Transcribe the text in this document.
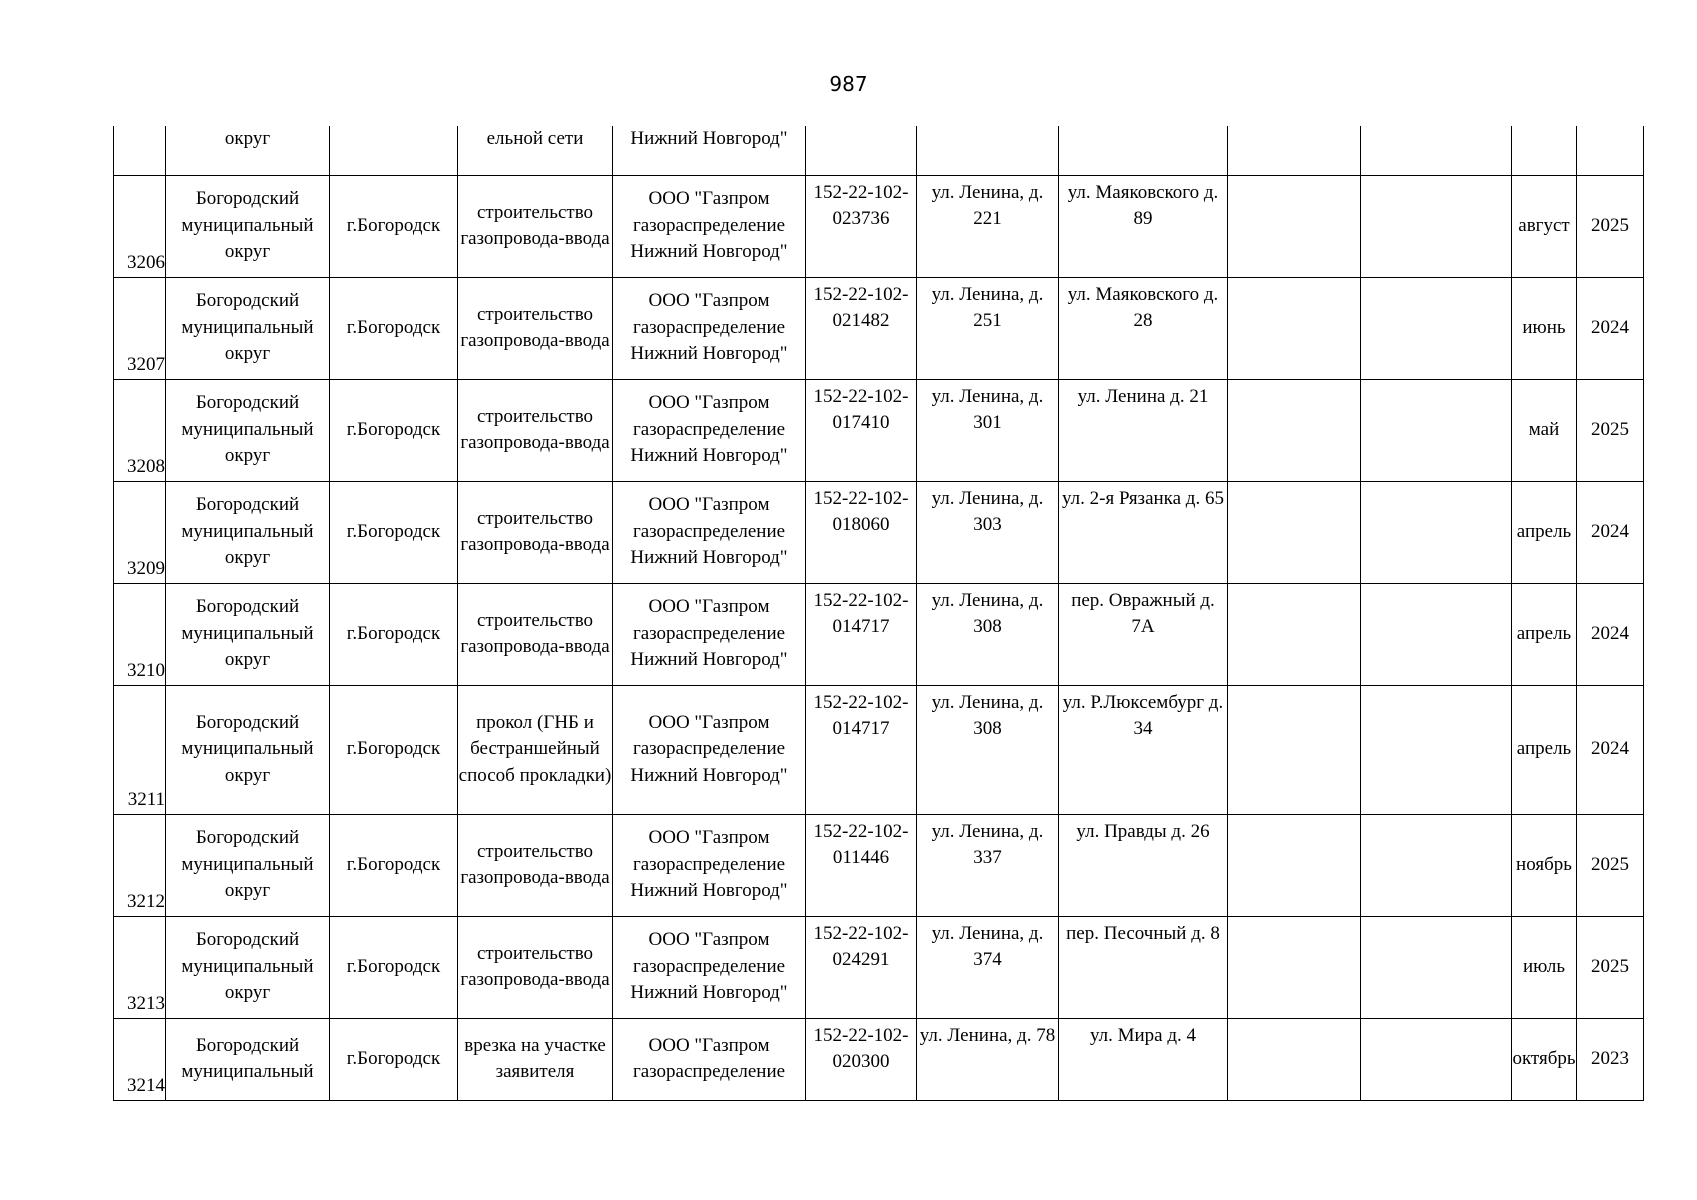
987
	округ		ельной сети	Нижний Новгород"							
3206	Богородский муниципальный округ	г.Богородск	строительство газопровода-ввода	ООО "Газпром газораспределение Нижний Новгород"	152-22-102-023736	ул. Ленина, д. 221	ул. Маяковского д. 89			август	2025
3207	Богородский муниципальный округ	г.Богородск	строительство газопровода-ввода	ООО "Газпром газораспределение Нижний Новгород"	152-22-102-021482	ул. Ленина, д. 251	ул. Маяковского д. 28			июнь	2024
3208	Богородский муниципальный округ	г.Богородск	строительство газопровода-ввода	ООО "Газпром газораспределение Нижний Новгород"	152-22-102-017410	ул. Ленина, д. 301	ул. Ленина д. 21			май	2025
3209	Богородский муниципальный округ	г.Богородск	строительство газопровода-ввода	ООО "Газпром газораспределение Нижний Новгород"	152-22-102-018060	ул. Ленина, д. 303	ул. 2-я Рязанка д. 65			апрель	2024
3210	Богородский муниципальный округ	г.Богородск	строительство газопровода-ввода	ООО "Газпром газораспределение Нижний Новгород"	152-22-102-014717	ул. Ленина, д. 308	пер. Овражный д. 7А			апрель	2024
3211	Богородский муниципальный округ	г.Богородск	прокол (ГНБ и бестраншейный способ прокладки)	ООО "Газпром газораспределение Нижний Новгород"	152-22-102-014717	ул. Ленина, д. 308	ул. Р.Люксембург д. 34			апрель	2024
3212	Богородский муниципальный округ	г.Богородск	строительство газопровода-ввода	ООО "Газпром газораспределение Нижний Новгород"	152-22-102-011446	ул. Ленина, д. 337	ул. Правды д. 26			ноябрь	2025
3213	Богородский муниципальный округ	г.Богородск	строительство газопровода-ввода	ООО "Газпром газораспределение Нижний Новгород"	152-22-102-024291	ул. Ленина, д. 374	пер. Песочный д. 8			июль	2025
3214	Богородский муниципальный	г.Богородск	врезка на участке заявителя	ООО "Газпром газораспределение	152-22-102-020300	ул. Ленина, д. 78	ул. Мира д. 4			октябрь	2023
